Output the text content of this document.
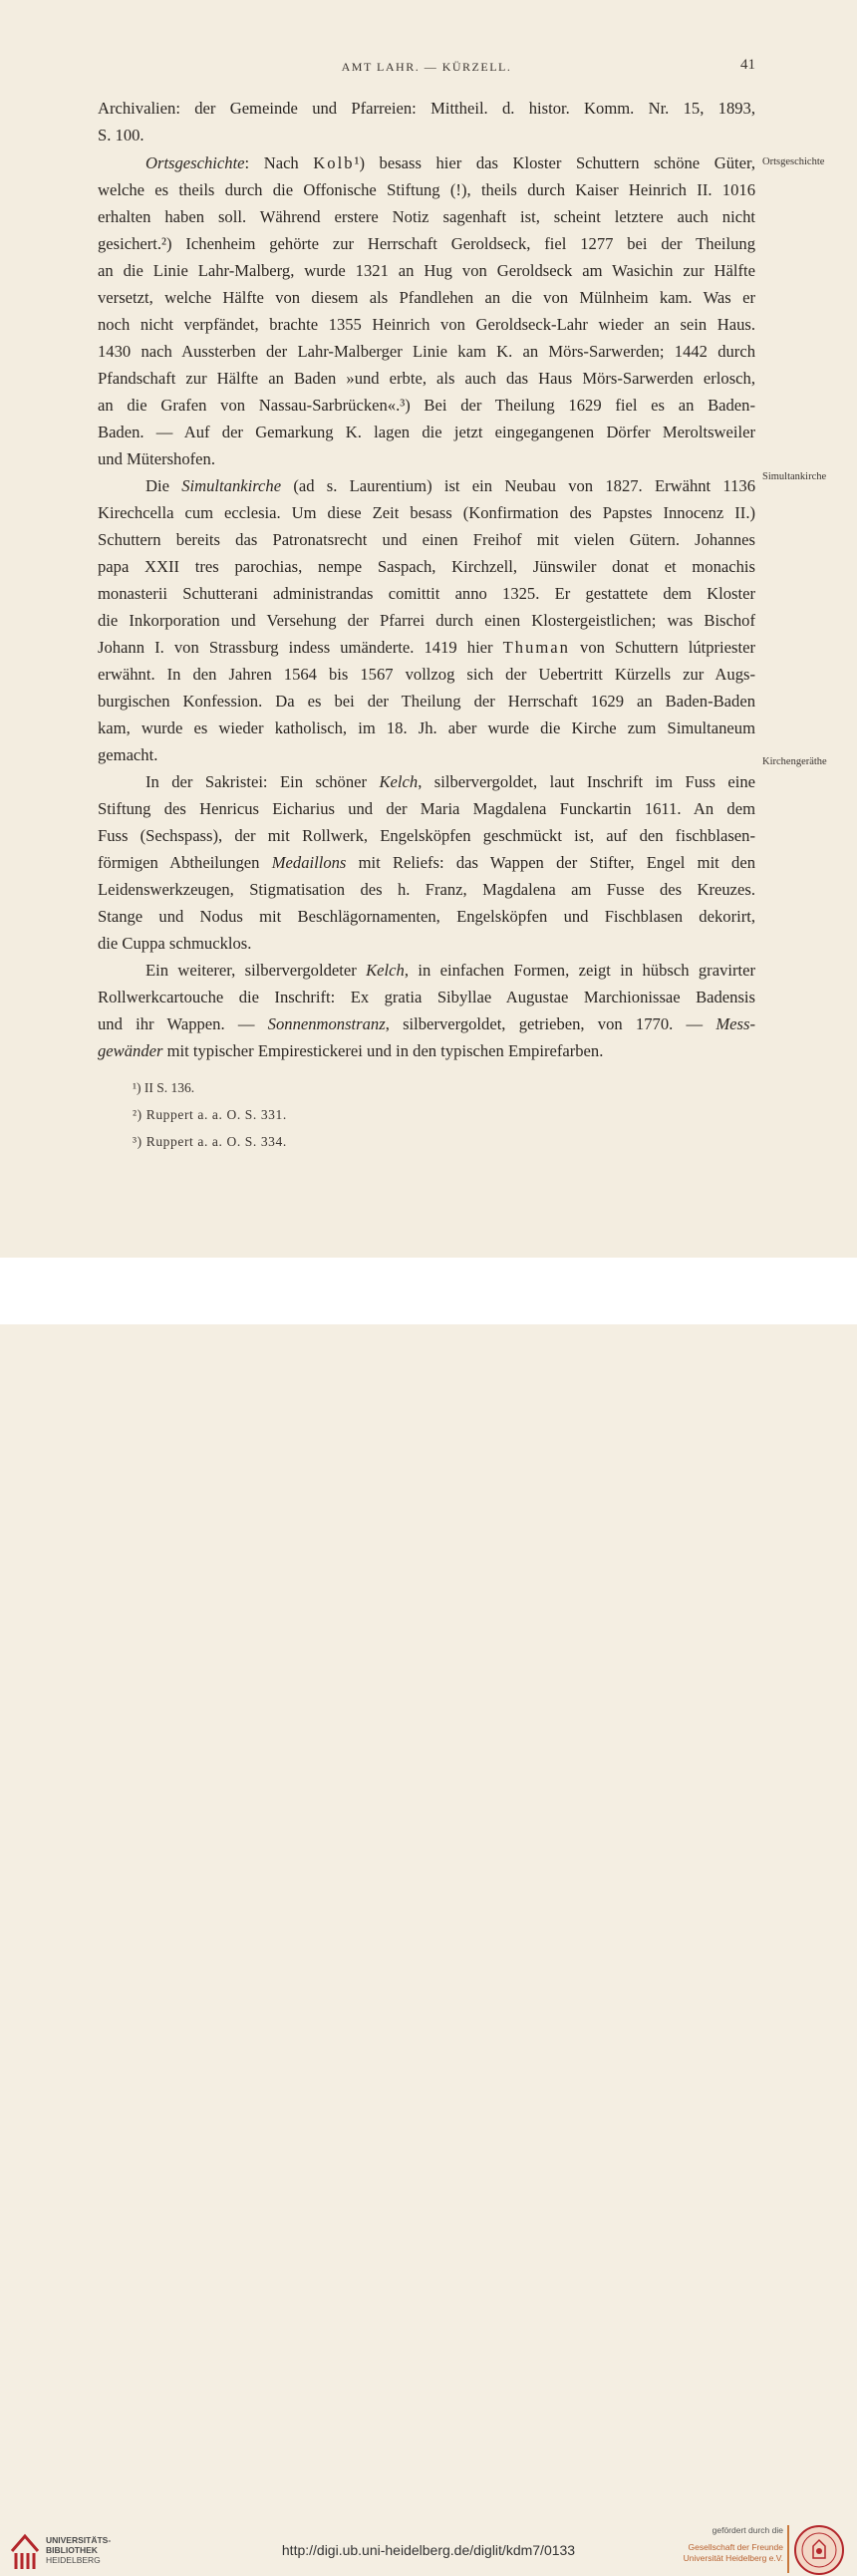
AMT LAHR. — KÜRZELL.	41
Archivalien: der Gemeinde und Pfarreien: Mittheil. d. histor. Komm. Nr. 15, 1893,
S. 100.
Ortsgeschichte: Nach Kolb¹) besass hier das Kloster Schuttern schöne Güter,
welche es theils durch die Offonische Stiftung (!), theils durch Kaiser Heinrich II. 1016
erhalten haben soll. Während erstere Notiz sagenhaft ist, scheint letztere auch nicht
gesichert.²) Ichenheim gehörte zur Herrschaft Geroldseck, fiel 1277 bei der Theilung
an die Linie Lahr-Malberg, wurde 1321 an Hug von Geroldseck am Wasichin zur Hälfte
versetzt, welche Hälfte von diesem als Pfandlehen an die von Mülnheim kam. Was er
noch nicht verpfändet, brachte 1355 Heinrich von Geroldseck-Lahr wieder an sein Haus.
1430 nach Aussterben der Lahr-Malberger Linie kam K. an Mörs-Sarwerden; 1442 durch
Pfandschaft zur Hälfte an Baden »und erbte, als auch das Haus Mörs-Sarwerden erlosch,
an die Grafen von Nassau-Sarbrücken«.³) Bei der Theilung 1629 fiel es an Baden-
Baden. — Auf der Gemarkung K. lagen die jetzt eingegangenen Dörfer Meroltsweiler
und Mütershofen.
Die Simultankirche (ad s. Laurentium) ist ein Neubau von 1827. Erwähnt 1136
Kirechcella cum ecclesia. Um diese Zeit besass (Konfirmation des Papstes Innocenz II.)
Schuttern bereits das Patronatsrecht und einen Freihof mit vielen Gütern. Johannes
papa XXII tres parochias, nempe Saspach, Kirchzell, Jünswiler donat et monachis
monasterii Schutterani administrandas comittit anno 1325. Er gestattete dem Kloster
die Inkorporation und Versehung der Pfarrei durch einen Klostergeistlichen; was Bischof
Johann I. von Strassburg indess umänderte. 1419 hier Thuman von Schuttern lútpriester
erwähnt. In den Jahren 1564 bis 1567 vollzog sich der Uebertritt Kürzells zur Augs-
burgischen Konfession. Da es bei der Theilung der Herrschaft 1629 an Baden-Baden
kam, wurde es wieder katholisch, im 18. Jh. aber wurde die Kirche zum Simultaneum
gemacht.
In der Sakristei: Ein schöner Kelch, silbervergoldet, laut Inschrift im Fuss eine
Stiftung des Henricus Eicharius und der Maria Magdalena Funckartin 1611. An dem
Fuss (Sechspass), der mit Rollwerk, Engelsköpfen geschmückt ist, auf den fischblasen-
förmigen Abtheilungen Medaillons mit Reliefs: das Wappen der Stifter, Engel mit den
Leidenswerkzeugen, Stigmatisation des h. Franz, Magdalena am Fusse des Kreuzes.
Stange und Nodus mit Beschlägornamenten, Engelsköpfen und Fischblasen dekorirt,
die Cuppa schmucklos.
Ein weiterer, silbervergoldeter Kelch, in einfachen Formen, zeigt in hübsch gravirter
Rollwerkcartouche die Inschrift: Ex gratia Sibyllae Augustae Marchionissae Badensis
und ihr Wappen. — Sonnenmonstranz, silbervergoldet, getrieben, von 1770. — Mess-
gewänder mit typischer Empirestickerei und in den typischen Empirefarben.
Ortsgeschichte
Simultankirche
Kirchengeräthe
¹) II S. 136.
²) Ruppert a. a. O. S. 331.
³) Ruppert a. a. O. S. 334.
UNIVERSITÄTS-
BIBLIOTHEK
HEIDELBERG
http://digi.ub.uni-heidelberg.de/diglit/kdm7/0133
gefördert durch die
Gesellschaft der Freunde
Universität Heidelberg e.V.
